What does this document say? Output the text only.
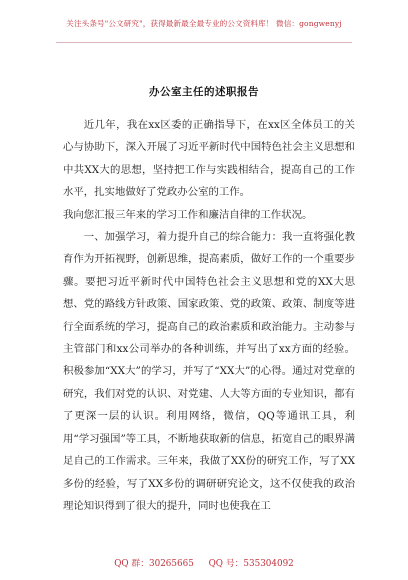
关注头条号"公文研究"，获得最新最全最专业的公文资料库！ 微信：gongwenyj
办公室主任的述职报告

近几年，我在xx区委的正确指导下，在xx区全体员工的关心与协助下，深入开展了习近平新时代中国特色社会主义思想和中共XX大的思想，坚持把工作与实践相结合，提高自己的工作水平，扎实地做好了党政办公室的工作。

我向您汇报三年来的学习工作和廉洁自律的工作状况。

一、加强学习，着力提升自己的综合能力：我一直将强化教育作为开拓视野，创新思维，提高素质，做好工作的一个重要步骤。要把习近平新时代中国特色社会主义思想和党的XX大思想、党的路线方针政策、国家政策、党的政策、政策、制度等进行全面系统的学习，提高自己的政治素质和政治能力。主动参与主管部门和xx公司举办的各种训练，并写出了xx方面的经验。积极参加“XX大”的学习，并写了“XX大”的心得。通过对党章的研究，我们对党的认识、对党建、人大等方面的专业知识，都有了更深一层的认识。利用网络，微信，QQ等通讯工具，利用“学习强国”等工具，不断地获取新的信息，拓宽自己的眼界满足自己的工作需求。三年来，我做了XX份的研究工作，写了XX多份的经验，写了XX多份的调研研究论文，这不仅使我的政治理论知识得到了很大的提升，同时也使我在工

QQ 群：30265665 QQ 号：535304092
